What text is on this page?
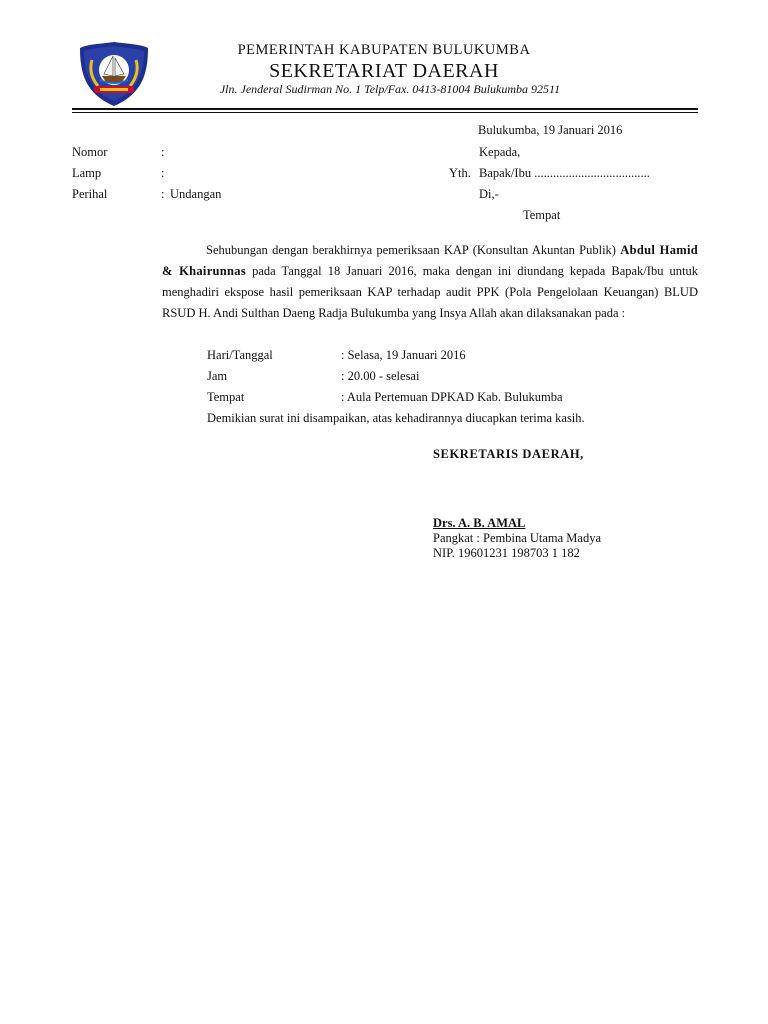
PEMERINTAH KABUPATEN BULUKUMBA
SEKRETARIAT DAERAH
Jln. Jenderal Sudirman No. 1 Telp/Fax. 0413-81004 Bulukumba 92511
Bulukumba, 19 Januari 2016
Nomor	:
Lamp	:
Perihal	: Undangan
Kepada,
Yth. Bapak/Ibu .....................................
Di,-
Tempat
Sehubungan dengan berakhirnya pemeriksaan KAP (Konsultan Akuntan Publik) Abdul Hamid & Khairunnas pada Tanggal 18 Januari 2016, maka dengan ini diundang kepada Bapak/Ibu untuk menghadiri ekspose hasil pemeriksaan KAP terhadap audit PPK (Pola Pengelolaan Keuangan) BLUD RSUD H. Andi Sulthan Daeng Radja Bulukumba yang Insya Allah akan dilaksanakan pada :
Hari/Tanggal	: Selasa, 19 Januari 2016
Jam	: 20.00 - selesai
Tempat	: Aula Pertemuan DPKAD Kab. Bulukumba
Demikian surat ini disampaikan, atas kehadirannya diucapkan terima kasih.
SEKRETARIS DAERAH,
Drs. A. B. AMAL
Pangkat : Pembina Utama Madya
NIP. 19601231 198703 1 182
